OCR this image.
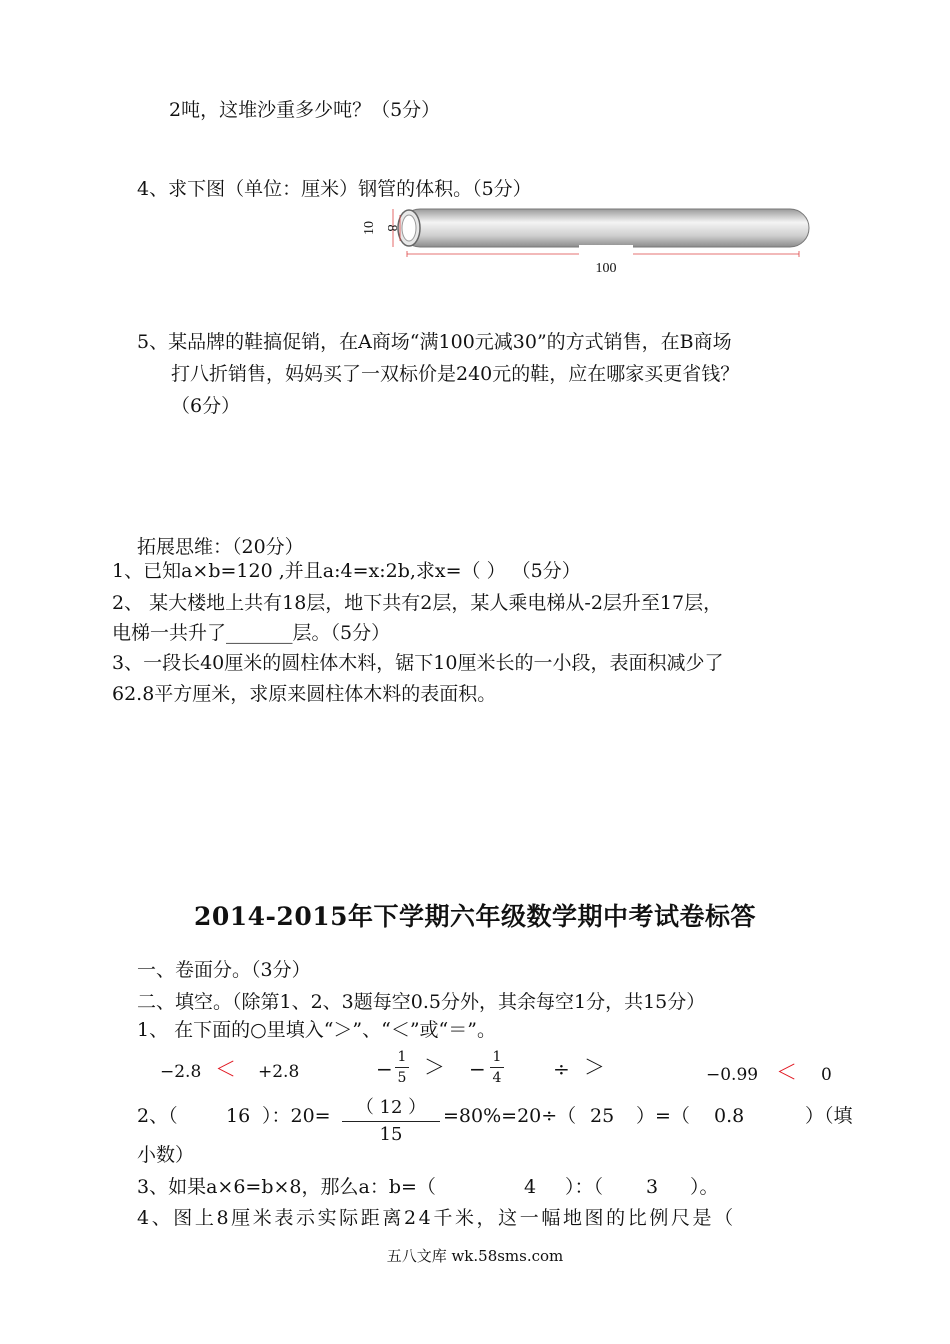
2吨，这堆沙重多少吨？（5分）
4、求下图（单位：厘米）钢管的体积。（5分）
10 8
100
5、某品牌的鞋搞促销，在A商场“满100元减30”的方式销售，在B商场
打八折销售，妈妈买了一双标价是240元的鞋，应在哪家买更省钱？
（6分）
拓展思维：（20分）
1、已知a×b=120 ,并且a:4=x:2b,求x=（ ） （5分）
2、 某大楼地上共有18层，地下共有2层，某人乘电梯从-2层升至17层，
电梯一共升了_______层。（5分）
3、一段长40厘米的圆柱体木料，锯下10厘米长的一小段，表面积减少了
62.8平方厘米，求原来圆柱体木料的表面积。
2014-2015年下学期六年级数学期中考试卷标答
一、卷面分。（3分）
二、填空。（除第1、2、3题每空0.5分外，其余每空1分，共15分）
1、 在下面的○里填入“＞”、“＜”或“＝”。
−2.8 ＜ +2.8	− 1
5 ＞ − 1
4	÷ ＞	−0.99 ＜ 0
2、（	16 ）：20=	（ 12 ）
15
=80%=20÷（ 25 ）=（ 0.8	）（填
小数）
3、如果a×6=b×8，那么a：b=（	4 ）：（ 3 ）。
4、图上8厘米表示实际距离24千米，这一幅地图的比例尺是（
五八文库 wk.58sms.com
